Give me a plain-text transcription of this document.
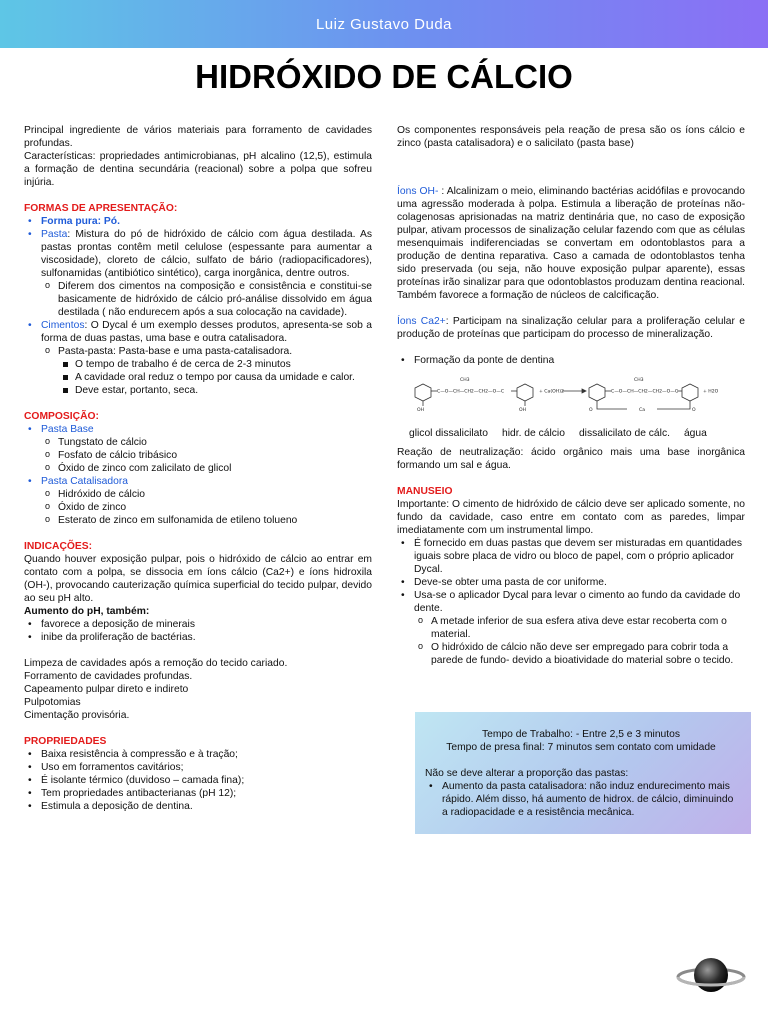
Luiz Gustavo Duda
HIDRÓXIDO DE CÁLCIO

Principal ingrediente de vários materiais para forramento de cavidades profundas.

Características: propriedades antimicrobianas, pH alcalino (12,5), estimula a formação de dentina secundária (reacional) sobre a polpa que sofreu injúria.

FORMAS DE APRESENTAÇÃO:
• Forma pura: Pó.
• Pasta: Mistura do pó de hidróxido de cálcio com água destilada. As pastas prontas contêm metil celulose (espessante para aumentar a viscosidade), cloreto de cálcio, sulfato de bário (radiopacificadores), sulfonamidas (antibiótico sintético), carga inorgânica, dentre outros.
o Diferem dos cimentos na composição e consistência e constitui-se basicamente de hidróxido de cálcio pró-análise dissolvido em água destilada ( não endurecem após a sua colocação na cavidade).
• Cimentos: O Dycal é um exemplo desses produtos, apresenta-se sob a forma de duas pastas, uma base e outra catalisadora.
o Pasta-pasta: Pasta-base e uma pasta-catalisadora.
O tempo de trabalho é de cerca de 2-3 minutos
A cavidade oral reduz o tempo por causa da umidade e calor.
Deve estar, portanto, seca.
COMPOSIÇÃO:
• Pasta Base
o Tungstato de cálcio
o Fosfato de cálcio tribásico
o Óxido de zinco com zalicilato de glicol
• Pasta Catalisadora
o Hidróxido de cálcio
o Óxido de zinco
o Esterato de zinco em sulfonamida de etileno tolueno
INDICAÇÕES:

Quando houver exposição pulpar, pois o hidróxido de cálcio ao entrar em contato com a polpa, se dissocia em íons cálcio (Ca2+) e íons hidroxila (OH-), provocando cauterização química superficial do tecido pulpar, devido ao seu pH alto.

Aumento do pH, também:
• favorece a deposição de minerais
• inibe da proliferação de bactérias.
Limpeza de cavidades após a remoção do tecido cariado.
Forramento de cavidades profundas.
Capeamento pulpar direto e indireto
Pulpotomias
Cimentação provisória.
PROPRIEDADES
• Baixa resistência à compressão e à tração;
• Uso em forramentos cavitários;
• É isolante térmico (duvidoso – camada fina);
• Tem propriedades antibacterianas (pH 12);
• Estimula a deposição de dentina.

Os componentes responsáveis pela reação de presa são os íons cálcio e zinco (pasta catalisadora) e o salicilato (pasta base)

Íons OH- : Alcalinizam o meio, eliminando bactérias acidófilas e provocando uma agressão moderada à polpa. Estimula a liberação de proteínas não-colagenosas aprisionadas na matriz dentinária que, no caso de exposição pulpar, ativam processos de sinalização celular fazendo com que as células mesenquimais indiferenciadas se convertam em odontoblastos para a produção de dentina reparativa. Caso a camada de odontoblastos tenha sido preservada (ou seja, não houve exposição pulpar aparente), essas proteínas irão sinalizar para que odontoblastos produzam dentina reacional. Também favorece a formação de núcleos de calcificação.

Íons Ca2+: Participam na sinalização celular para a proliferação celular e produção de proteínas que participam do processo de mineralização.

• Formação da ponte de dentina
C—O—CH—CH2—CH2—O—C
CH3
C—O—CH—CH2—CH2—O—C
CH3
+ Ca(OH)2	+ H2O
OH	OH	Ca
O	O
glicol dissalicilato hidr. de cálcio dissalicilato de cálc. água

Reação de neutralização: ácido orgânico mais uma base inorgânica formando um sal e água.

MANUSEIO

Importante: O cimento de hidróxido de cálcio deve ser aplicado somente, no fundo da cavidade, caso entre em contato com as paredes, limpar imediatamente com um instrumental limpo.

• É fornecido em duas pastas que devem ser misturadas em quantidades iguais sobre placa de vidro ou bloco de papel, com o próprio aplicador Dycal.
• Deve-se obter uma pasta de cor uniforme.
• Usa-se o aplicador Dycal para levar o cimento ao fundo da cavidade do dente.
o A metade inferior de sua esfera ativa deve estar recoberta com o material.
o O hidróxido de cálcio não deve ser empregado para cobrir toda a parede de fundo- devido a bioatividade do material sobre o tecido.
Tempo de Trabalho: - Entre 2,5 e 3 minutos
Tempo de presa final: 7 minutos sem contato com umidade
Não se deve alterar a proporção das pastas:
• Aumento da pasta catalisadora: não induz endurecimento mais rápido. Além disso, há aumento de hidrox. de cálcio, diminuindo a radiopacidade e a resistência mecânica.
